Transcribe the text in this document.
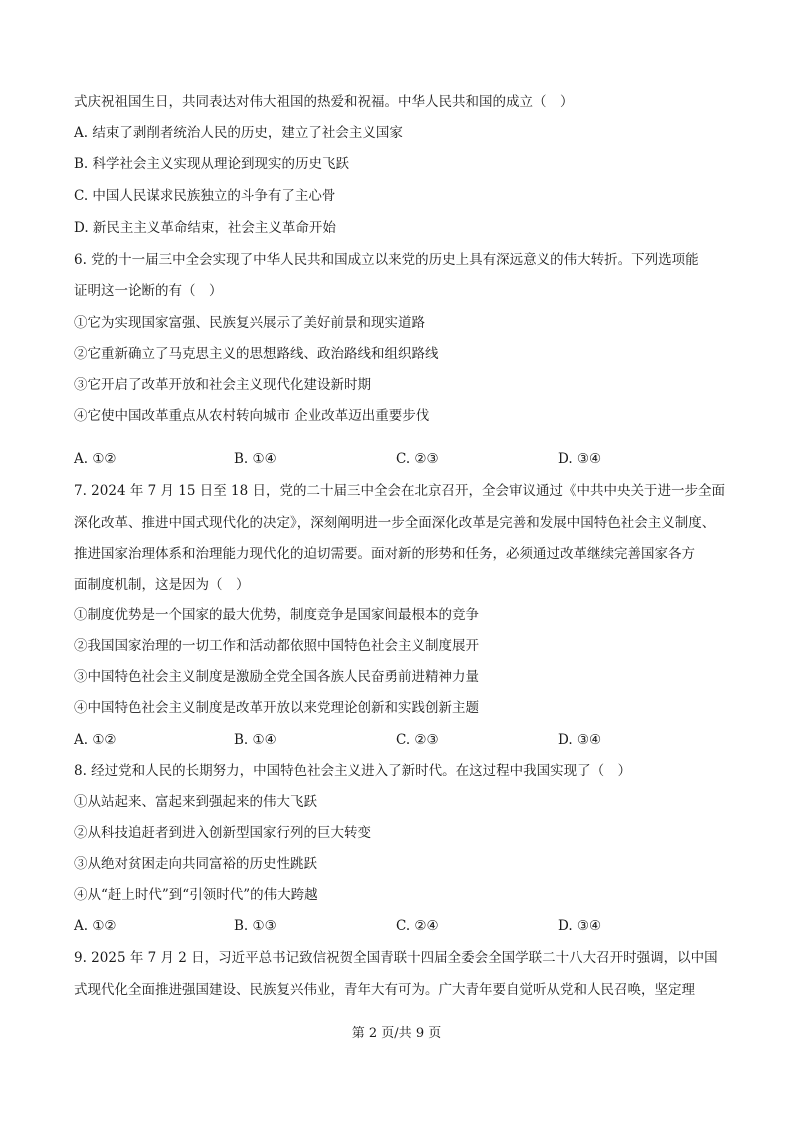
式庆祝祖国生日，共同表达对伟大祖国的热爱和祝福。中华人民共和国的成立（　）
A. 结束了剥削者统治人民的历史，建立了社会主义国家
B. 科学社会主义实现从理论到现实的历史飞跃
C. 中国人民谋求民族独立的斗争有了主心骨
D. 新民主主义革命结束，社会主义革命开始
6. 党的十一届三中全会实现了中华人民共和国成立以来党的历史上具有深远意义的伟大转折。下列选项能
证明这一论断的有（　）
①它为实现国家富强、民族复兴展示了美好前景和现实道路
②它重新确立了马克思主义的思想路线、政治路线和组织路线
③它开启了改革开放和社会主义现代化建设新时期
④它使中国改革重点从农村转向城市 企业改革迈出重要步伐
A. ①②	B. ①④	C. ②③	D. ③④
7. 2024 年 7 月 15 日至 18 日，党的二十届三中全会在北京召开，全会审议通过《中共中央关于进一步全面
深化改革、推进中国式现代化的决定》，深刻阐明进一步全面深化改革是完善和发展中国特色社会主义制度、
推进国家治理体系和治理能力现代化的迫切需要。面对新的形势和任务，必须通过改革继续完善国家各方
面制度机制，这是因为（　）
①制度优势是一个国家的最大优势，制度竞争是国家间最根本的竞争
②我国国家治理的一切工作和活动都依照中国特色社会主义制度展开
③中国特色社会主义制度是激励全党全国各族人民奋勇前进精神力量
④中国特色社会主义制度是改革开放以来党理论创新和实践创新主题
A. ①②	B. ①④	C. ②③	D. ③④
8. 经过党和人民的长期努力，中国特色社会主义进入了新时代。在这过程中我国实现了（　）
①从站起来、富起来到强起来的伟大飞跃
②从科技追赶者到进入创新型国家行列的巨大转变
③从绝对贫困走向共同富裕的历史性跳跃
④从“赶上时代”到“引领时代”的伟大跨越
A. ①②	B. ①③	C. ②④	D. ③④
9. 2025 年 7 月 2 日，习近平总书记致信祝贺全国青联十四届全委会全国学联二十八大召开时强调，以中国
式现代化全面推进强国建设、民族复兴伟业，青年大有可为。广大青年要自觉听从党和人民召唤，坚定理
第 2 页/共 9 页
